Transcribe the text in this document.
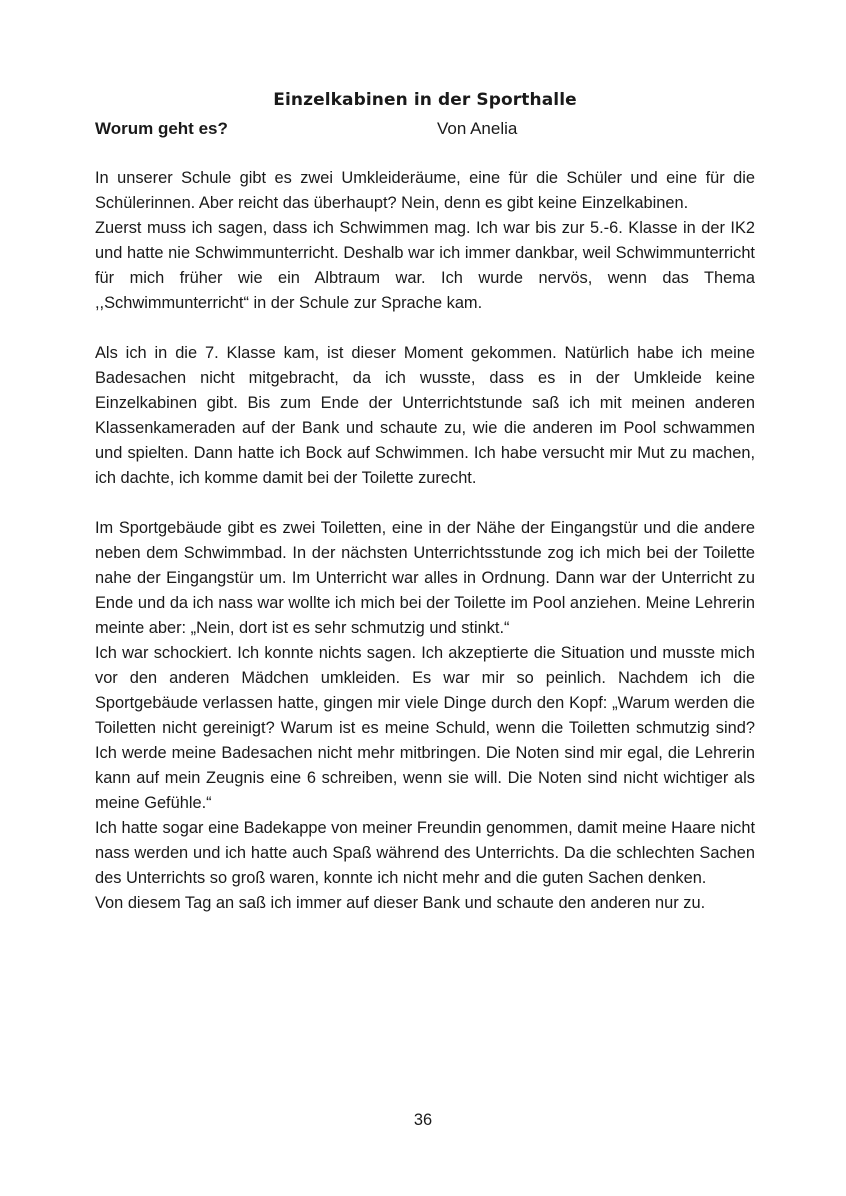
Einzelkabinen in der Sporthalle
Worum geht es?	Von Anelia

In unserer Schule gibt es zwei Umkleideräume, eine für die Schüler und eine für die Schülerinnen. Aber reicht das überhaupt? Nein, denn es gibt keine Einzelkabinen.

Zuerst muss ich sagen, dass ich Schwimmen mag. Ich war bis zur 5.-6. Klasse in der IK2 und hatte nie Schwimmunterricht. Deshalb war ich immer dankbar, weil Schwimmunterricht für mich früher wie ein Albtraum war. Ich wurde nervös, wenn das Thema ,,Schwimmunterricht“ in der Schule zur Sprache kam.

Als ich in die 7. Klasse kam, ist dieser Moment gekommen. Natürlich habe ich meine Badesachen nicht mitgebracht, da ich wusste, dass es in der Umkleide keine Einzelkabinen gibt. Bis zum Ende der Unterrichtstunde saß ich mit meinen anderen Klassenkameraden auf der Bank und schaute zu, wie die anderen im Pool schwammen und spielten. Dann hatte ich Bock auf Schwimmen. Ich habe versucht mir Mut zu machen, ich dachte, ich komme damit bei der Toilette zurecht.

Im Sportgebäude gibt es zwei Toiletten, eine in der Nähe der Eingangstür und die andere neben dem Schwimmbad. In der nächsten Unterrichtsstunde zog ich mich bei der Toilette nahe der Eingangstür um. Im Unterricht war alles in Ordnung. Dann war der Unterricht zu Ende und da ich nass war wollte ich mich bei der Toilette im Pool anziehen. Meine Lehrerin meinte aber: „Nein, dort ist es sehr schmutzig und stinkt.“

Ich war schockiert. Ich konnte nichts sagen. Ich akzeptierte die Situation und musste mich vor den anderen Mädchen umkleiden. Es war mir so peinlich. Nachdem ich die Sportgebäude verlassen hatte, gingen mir viele Dinge durch den Kopf: „Warum werden die Toiletten nicht gereinigt? Warum ist es meine Schuld, wenn die Toiletten schmutzig sind? Ich werde meine Badesachen nicht mehr mitbringen. Die Noten sind mir egal, die Lehrerin kann auf mein Zeugnis eine 6 schreiben, wenn sie will. Die Noten sind nicht wichtiger als meine Gefühle.“

Ich hatte sogar eine Badekappe von meiner Freundin genommen, damit meine Haare nicht nass werden und ich hatte auch Spaß während des Unterrichts. Da die schlechten Sachen des Unterrichts so groß waren, konnte ich nicht mehr and die guten Sachen denken.

Von diesem Tag an saß ich immer auf dieser Bank und schaute den anderen nur zu.

36
